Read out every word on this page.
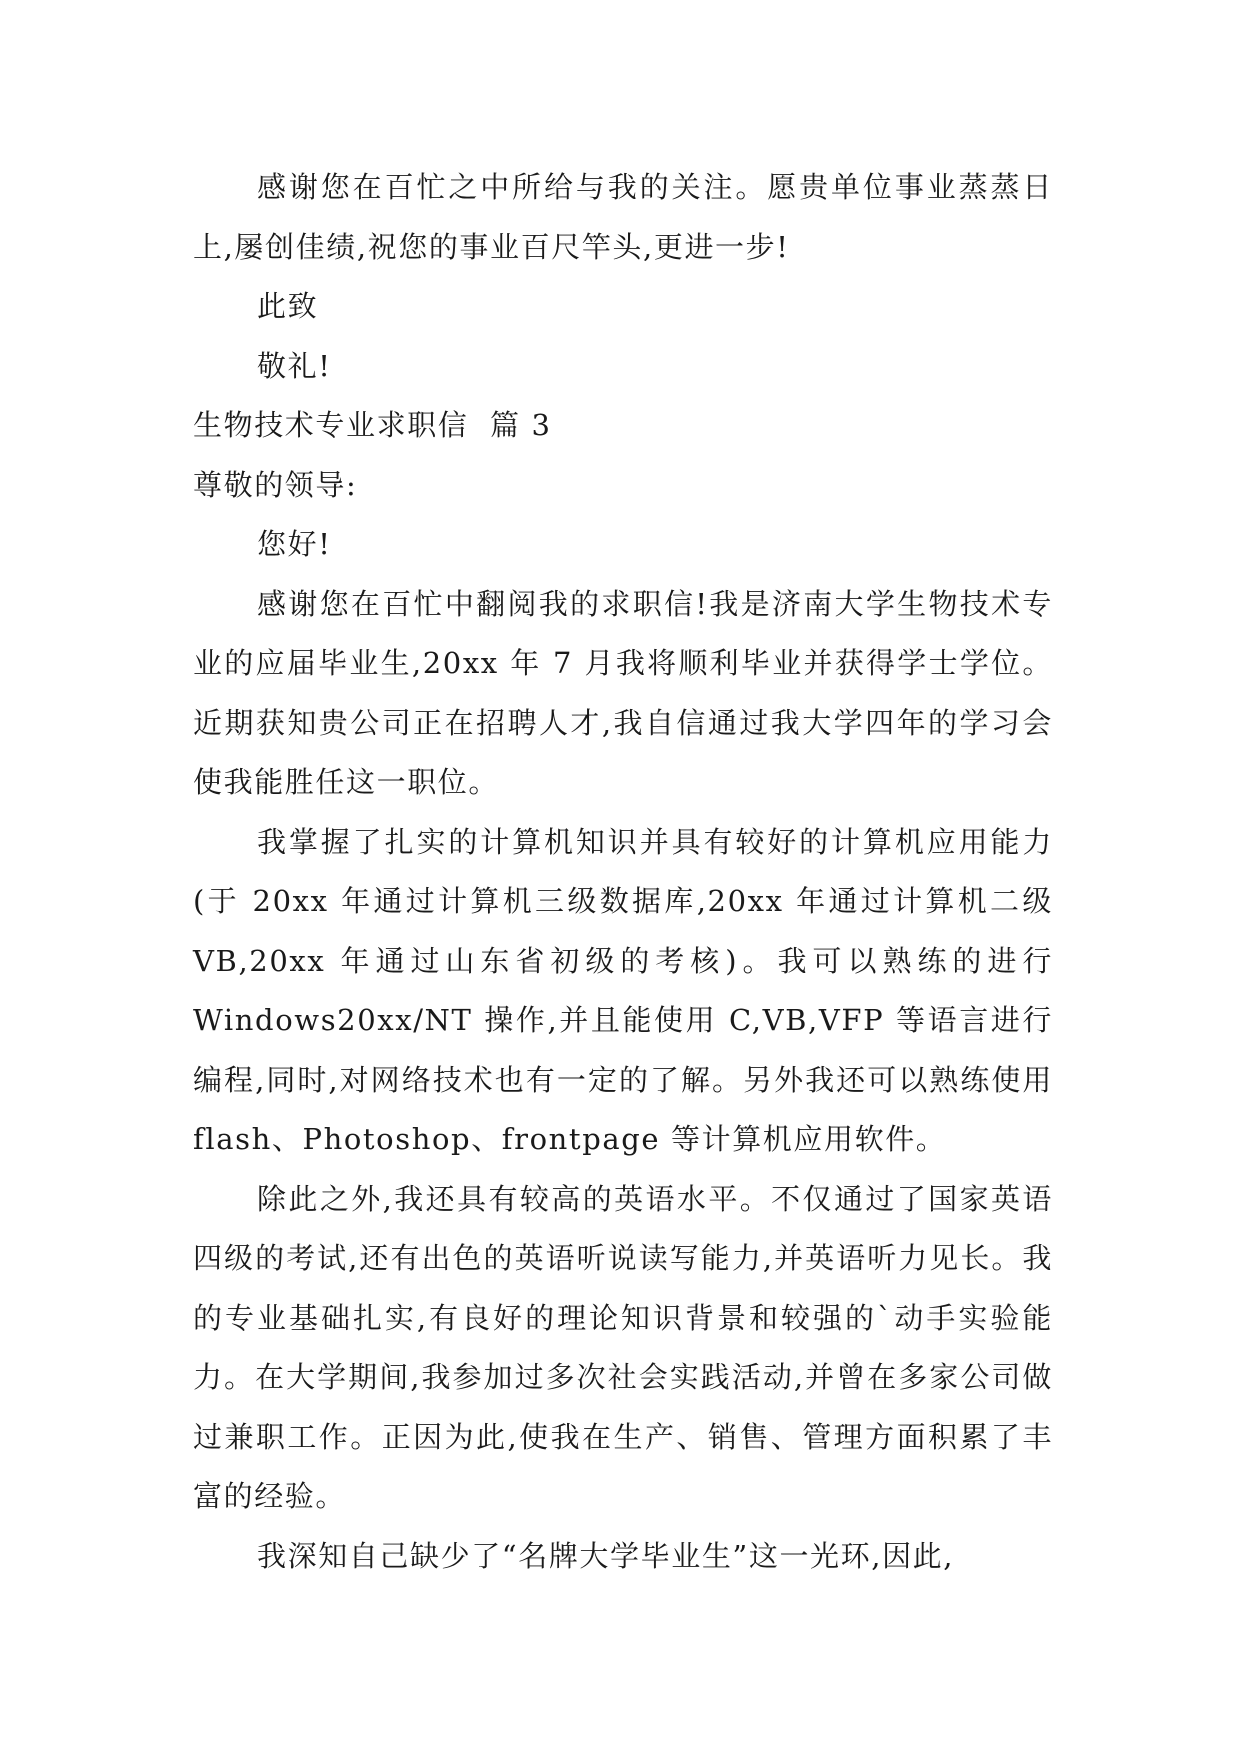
感谢您在百忙之中所给与我的关注。愿贵单位事业蒸蒸日上,屡创佳绩,祝您的事业百尺竿头,更进一步!

此致

敬礼!

生物技术专业求职信  篇 3

尊敬的领导:

您好!

感谢您在百忙中翻阅我的求职信!我是济南大学生物技术专业的应届毕业生,20xx 年 7 月我将顺利毕业并获得学士学位。近期获知贵公司正在招聘人才,我自信通过我大学四年的学习会使我能胜任这一职位。

我掌握了扎实的计算机知识并具有较好的计算机应用能力(于 20xx 年通过计算机三级数据库,20xx 年通过计算机二级 VB,20xx 年通过山东省初级的考核)。我可以熟练的进行 Windows20xx/NT 操作,并且能使用 C,VB,VFP 等语言进行编程,同时,对网络技术也有一定的了解。另外我还可以熟练使用 flash、Photoshop、frontpage 等计算机应用软件。

除此之外,我还具有较高的英语水平。不仅通过了国家英语四级的考试,还有出色的英语听说读写能力,并英语听力见长。我的专业基础扎实,有良好的理论知识背景和较强的`动手实验能力。在大学期间,我参加过多次社会实践活动,并曾在多家公司做过兼职工作。正因为此,使我在生产、销售、管理方面积累了丰富的经验。

我深知自己缺少了“名牌大学毕业生”这一光环,因此,
